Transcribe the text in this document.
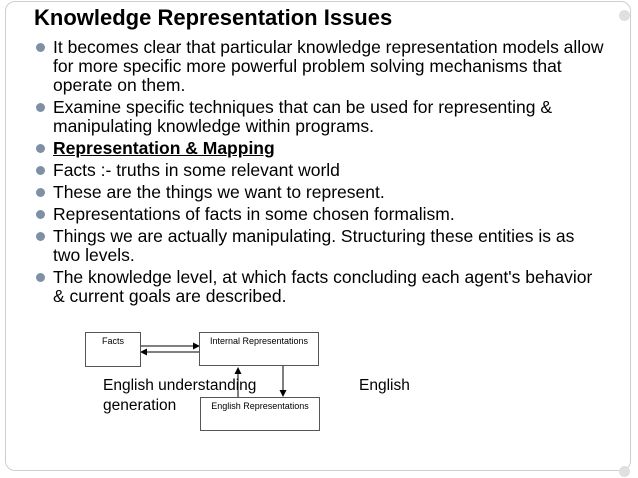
Knowledge Representation Issues
It becomes clear that particular knowledge representation models allow for more specific more powerful problem solving mechanisms that operate on them.
Examine specific techniques that can be used for representing & manipulating knowledge within programs.
Representation & Mapping
Facts :- truths in some relevant world
These are the things we want to represent.
Representations of facts in some chosen formalism.
Things we are actually manipulating. Structuring these entities is as two levels.
The knowledge level, at which facts concluding each agent's behavior & current goals are described.
Facts	Internal Representations
English Representations
English understanding	English
generation
